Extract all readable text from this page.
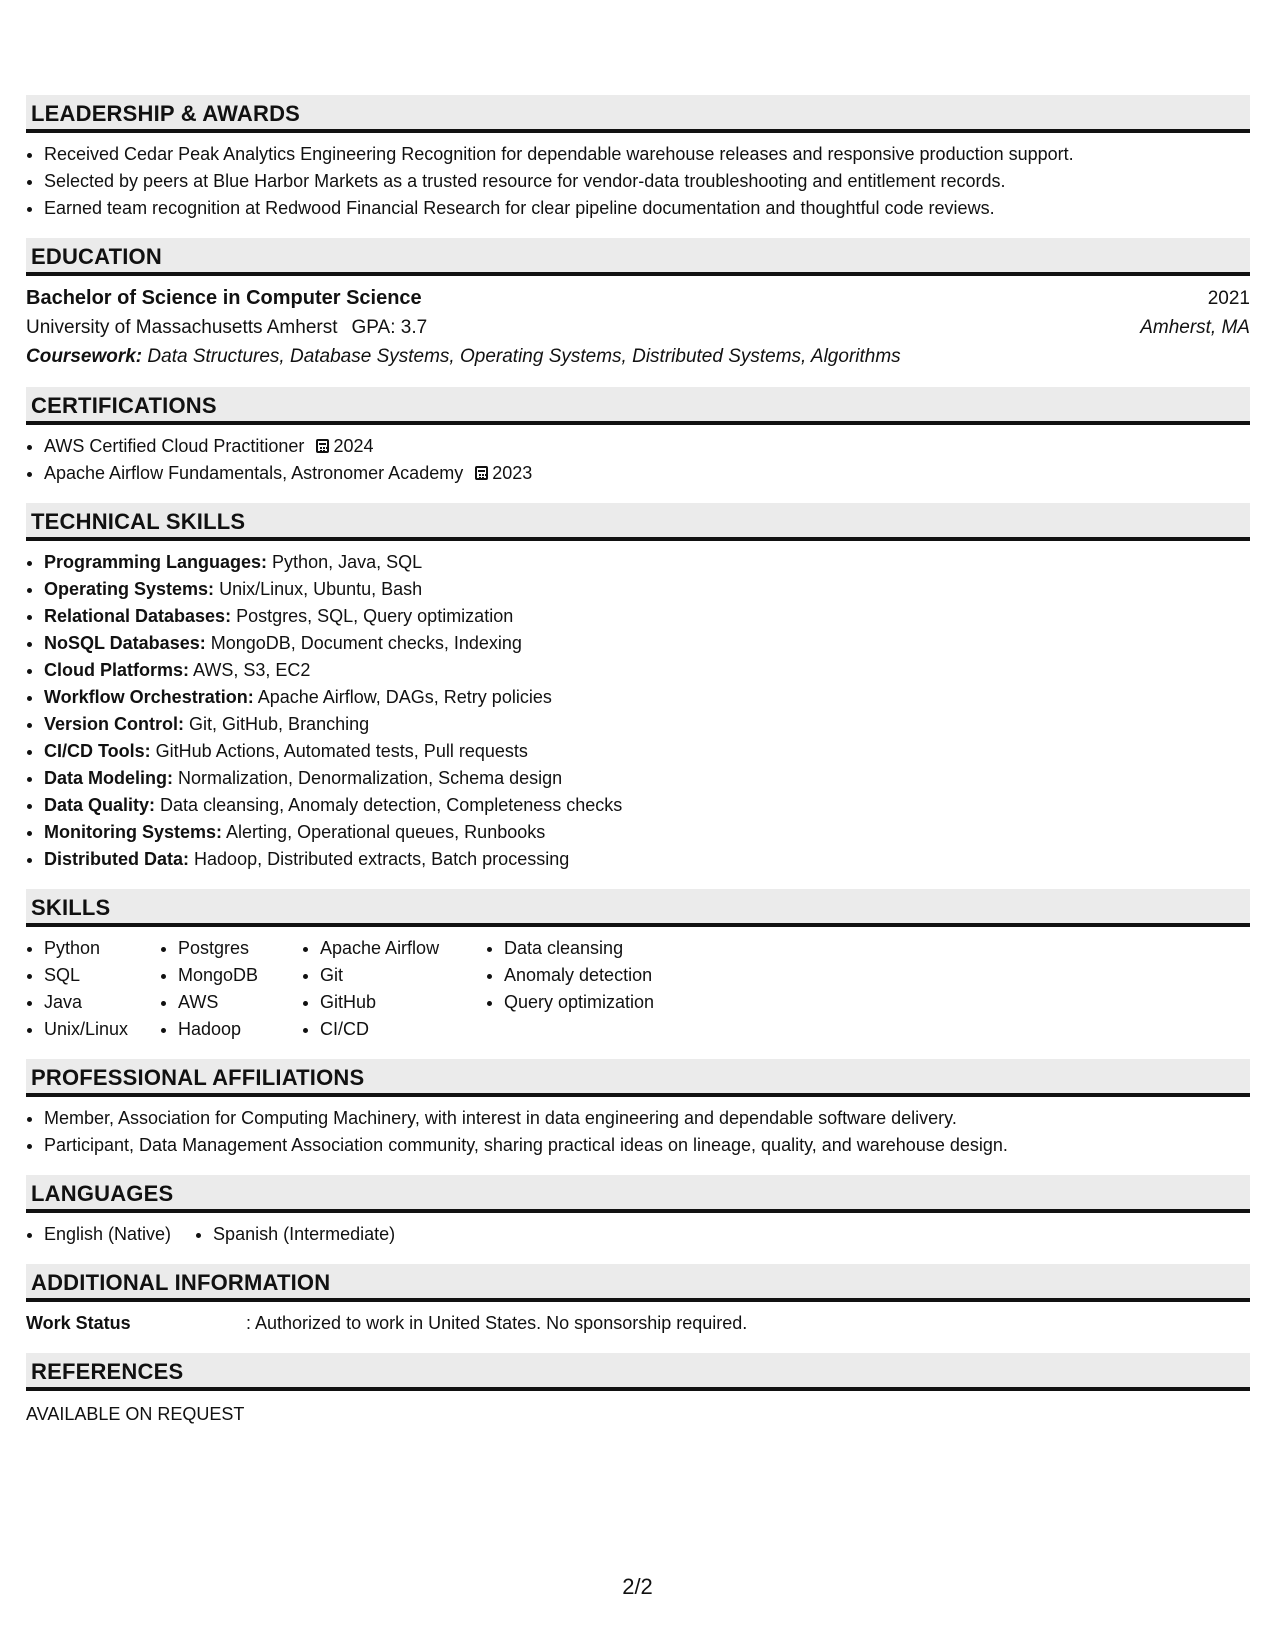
LEADERSHIP & AWARDS
• Received Cedar Peak Analytics Engineering Recognition for dependable warehouse releases and responsive production support.
• Selected by peers at Blue Harbor Markets as a trusted resource for vendor-data troubleshooting and entitlement records.
• Earned team recognition at Redwood Financial Research for clear pipeline documentation and thoughtful code reviews.
EDUCATION
Bachelor of Science in Computer Science	2021
University of Massachusetts Amherst GPA: 3.7	Amherst, MA
Coursework: Data Structures, Database Systems, Operating Systems, Distributed Systems, Algorithms
CERTIFICATIONS
• AWS Certified Cloud Practitioner 2024
• Apache Airflow Fundamentals, Astronomer Academy 2023
TECHNICAL SKILLS
• Programming Languages: Python, Java, SQL
• Operating Systems: Unix/Linux, Ubuntu, Bash
• Relational Databases: Postgres, SQL, Query optimization
• NoSQL Databases: MongoDB, Document checks, Indexing
• Cloud Platforms: AWS, S3, EC2
• Workflow Orchestration: Apache Airflow, DAGs, Retry policies
• Version Control: Git, GitHub, Branching
• CI/CD Tools: GitHub Actions, Automated tests, Pull requests
• Data Modeling: Normalization, Denormalization, Schema design
• Data Quality: Data cleansing, Anomaly detection, Completeness checks
• Monitoring Systems: Alerting, Operational queues, Runbooks
• Distributed Data: Hadoop, Distributed extracts, Batch processing
SKILLS
• Python
• SQL
• Java
• Unix/Linux
• Postgres
• MongoDB
• AWS
• Hadoop
• Apache Airflow
• Git
• GitHub
• CI/CD
• Data cleansing
• Anomaly detection
• Query optimization
PROFESSIONAL AFFILIATIONS
• Member, Association for Computing Machinery, with interest in data engineering and dependable software delivery.
• Participant, Data Management Association community, sharing practical ideas on lineage, quality, and warehouse design.
LANGUAGES
• English (Native)
• Spanish (Intermediate)
ADDITIONAL INFORMATION
Work Status	: Authorized to work in United States. No sponsorship required.
REFERENCES
AVAILABLE ON REQUEST
2/2
